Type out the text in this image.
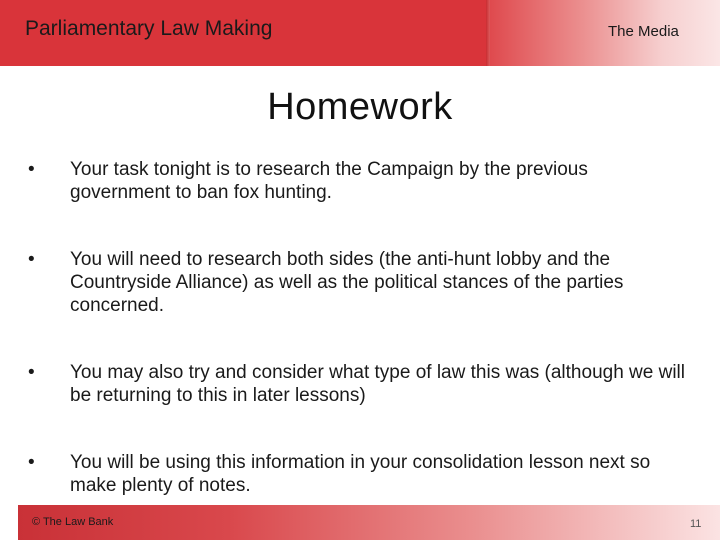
Parliamentary Law Making	The Media
Homework
• Your task tonight is to research the Campaign by the previous government to ban fox hunting.
• You will need to research both sides (the anti-hunt lobby and the Countryside Alliance) as well as the political stances of the parties concerned.
• You may also try and consider what type of law this was (although we will be returning to this in later lessons)
• You will be using this information in your consolidation lesson next so make plenty of notes.
© The Law Bank	11
